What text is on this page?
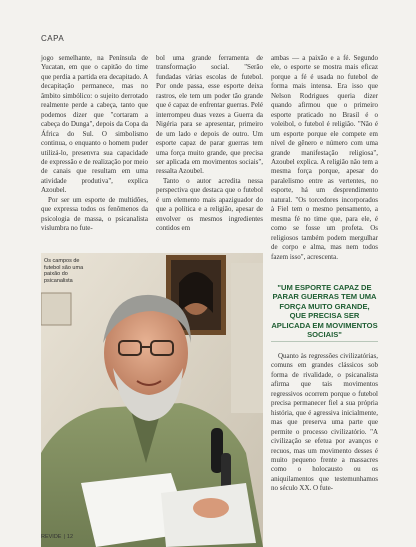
CAPA

jogo semelhante, na Península de Yucatan, em que o capitão do time que perdia a partida era decapitado. A decapitação permanece, mas no âmbito simbólico: o sujeito derrotado realmente perde a cabeça, tanto que podemos dizer que "cortaram a cabeça do Dunga", depois da Copa da África do Sul. O simbolismo continua, o enquanto o homem puder utilizá-lo, presenvra sua capacidade de expressão e de realização por meio de canais que resultam em uma atividade produtiva", explica Azoubel.

Por ser um esporte de multidões, que expressa todos os fenômenos da psicologia de massa, o psicanalista vislumbra no fute-

bol uma grande ferramenta de transformação social. "Serão fundadas várias escolas de futebol. Por onde passa, esse esporte deixa rastros, ele tem um poder tão grande que é capaz de enfrentar guerras. Pelé interrompeu duas vezes a Guerra da Nigéria para se apresentar, primeiro de um lado e depois de outro. Um esporte capaz de parar guerras tem uma força muito grande, que precisa ser aplicada em movimentos sociais", ressalta Azoubel.

Tanto o autor acredita nessa perspectiva que destaca que o futebol é um elemento mais apaziguador do que a política e a religião, apesar de envolver os mesmos ingredientes contidos em

ambas — a paixão e a fé. Segundo ele, o esporte se mostra mais eficaz porque a fé é usada no futebol de forma mais intensa. Era isso que Nelson Rodrigues queria dizer quando afirmou que o primeiro esporte praticado no Brasil é o voleibol, o futebol é religião. "Não é um esporte porque ele compete em nível de gênero e número com uma grande manifestação religiosa", Azoubel explica. A religião não tem a mesma força porque, apesar do paralelismo entre as vertentes, no esporte, há um desprendimento natural. "Os torcedores incorporados à Fiel tem o mesmo pensamento, a mesma fé no time que, para ele, é como se fosse um profeta. Os religiosos também podem mergulhar de corpo e alma, mas nem todos fazem isso", acrescenta.

Os campos de futebol são uma paixão do psicanalista
"UM ESPORTE CAPAZ DE PARAR GUERRAS TEM UMA FORÇA MUITO GRANDE, QUE PRECISA SER APLICADA EM MOVIMENTOS SOCIAIS"

Quanto às regressões civilizatórias, comuns em grandes clássicos sob forma de rivalidade, o psicanalista afirma que tais movimentos regressivos ocorrem porque o futebol precisa permanecer fiel a sua própria história, que é agressiva inicialmente, mas que preserva uma parte que permite o processo civilizatório. "A civilização se efetua por avanços e recuos, mas um movimento desses é muito pequeno frente a massacres como o holocausto ou os aniquilamentos que testemunhamos no século XX. O fute-

REVIDE | 12
